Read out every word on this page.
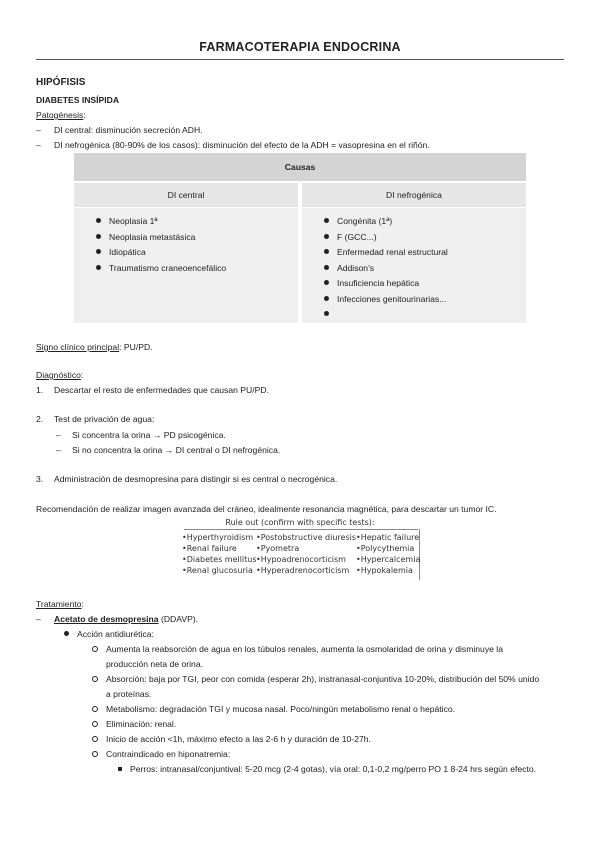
FARMACOTERAPIA ENDOCRINA
HIPÓFISIS
DIABETES INSÍPIDA
Patogénesis:
– DI central: disminución secreción ADH.
– DI nefrogénica (80-90% de los casos): disminución del efecto de la ADH = vasopresina en el riñón.
Causas
DI central	DI nefrogénica
Neoplasia 1ª
Neoplasia metastásica
Idiopática
Traumatismo craneoencefálico
Congénita (1ª)
F (GCC...)
Enfermedad renal estructural
Addison’s
Insuficiencia hepática
Infecciones genitourinarias...
Signo clínico principal: PU/PD.
Diagnóstico:
1. Descartar el resto de enfermedades que causan PU/PD.
2. Test de privación de agua:
– Si concentra la orina → PD psicogénica.
– Si no concentra la orina → DI central o DI nefrogénica.
3. Administración de desmopresina para distingir si es central o necrogénica.
Recomendación de realizar imagen avanzada del cráneo, idealmente resonancia magnética, para descartar un tumor IC.
Rule out (confirm with specific tests):
•Hyperthyroidism
•Renal failure
•Diabetes mellitus
•Renal glucosuria
•Postobstructive diuresis
•Pyometra
•Hypoadrenocorticism
•Hyperadrenocorticism
•Hepatic failure
•Polycythemia
•Hypercalcemia
•Hypokalemia
Tratamiento:
– Acetato de desmopresina (DDAVP).
Acción antidiurética:
Aumenta la reabsorción de agua en los túbulos renales, aumenta la osmolaridad de orina y disminuye la
producción neta de orina.
Absorción: baja por TGI, peor con comida (esperar 2h), instranasal-conjuntiva 10-20%, distribución del 50% unido
a proteínas.
Metabolismo: degradación TGI y mucosa nasal. Poco/ningún metabolismo renal o hepático.
Eliminación: renal.
Inicio de acción <1h, máximo efecto a las 2-6 h y duración de 10-27h.
Contraindicado en hiponatremia:
Perros: intranasal/conjuntival: 5-20 mcg (2-4 gotas), vía oral: 0,1-0,2 mg/perro PO 1 8-24 hrs según efecto.
